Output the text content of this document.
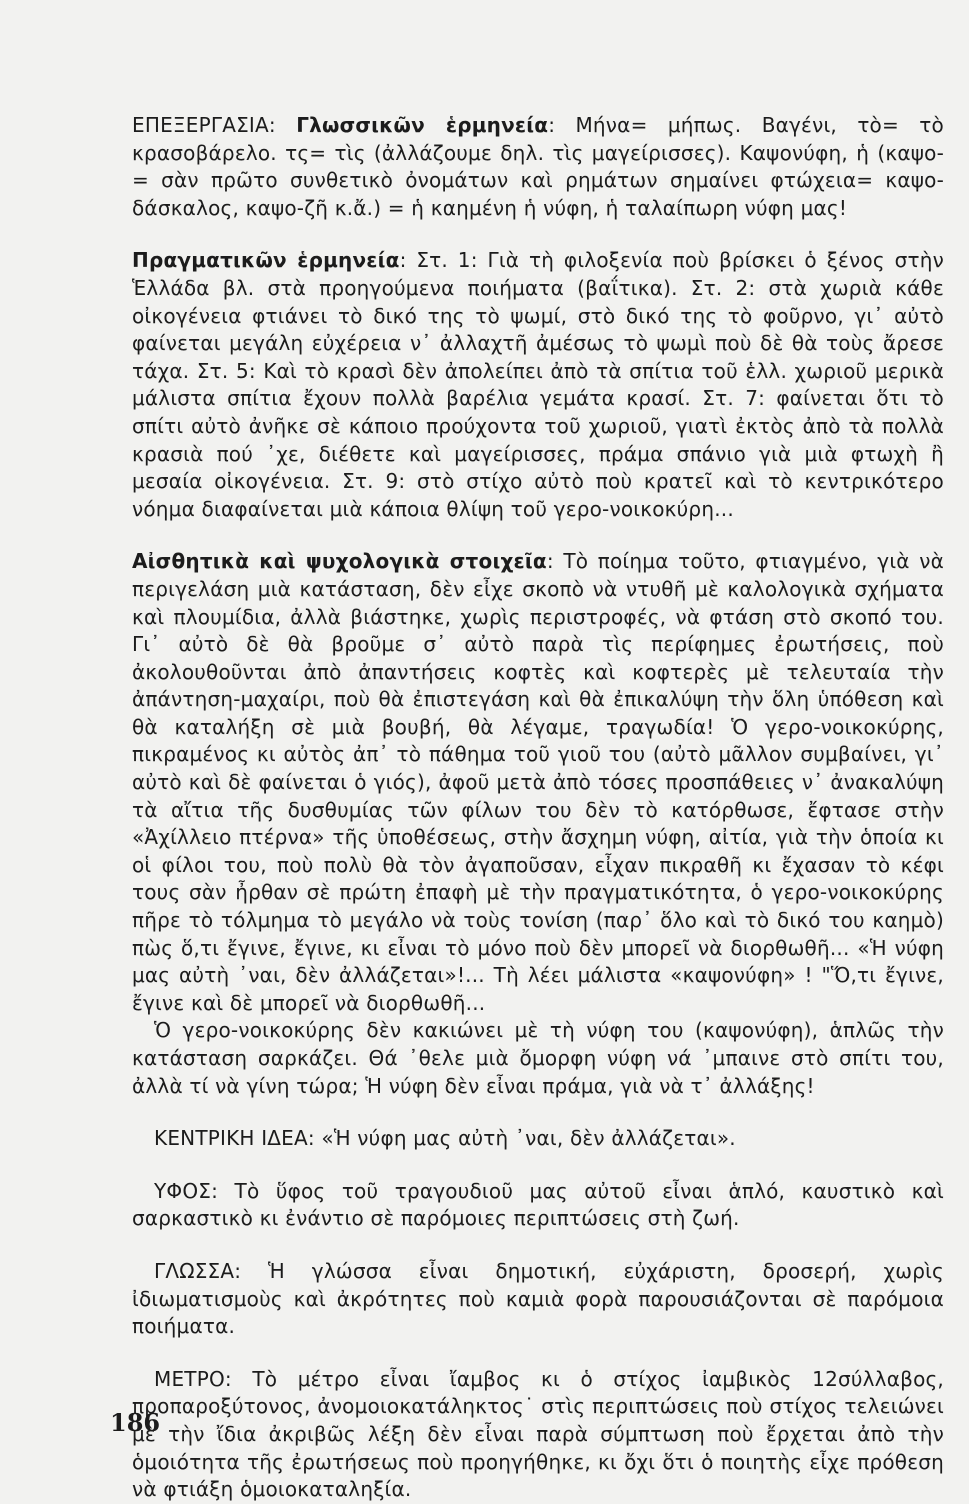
ΕΠΕΞΕΡΓΑΣΙΑ: Γλωσσικῶν ἑρμηνεία: Μήνα= μήπως. Βαγένι, τὸ= τὸ κρασοβάρελο. τς= τὶς (ἀλλάζουμε δηλ. τὶς μαγείρισσες). Καψονύφη, ἡ (καψο-= σὰν πρῶτο συνθετικὸ ὀνομάτων καὶ ρημάτων σημαίνει φτώχεια= καψο-δάσκαλος, καψο-ζῆ κ.ἄ.) = ἡ καημένη ἡ νύφη, ἡ ταλαίπωρη νύφη μας!

Πραγματικῶν ἑρμηνεία: Στ. 1: Γιὰ τὴ φιλοξενία ποὺ βρίσκει ὁ ξένος στὴν Ἑλλάδα βλ. στὰ προηγούμενα ποιήματα (βαΐτικα). Στ. 2: στὰ χωριὰ κάθε οἰκογένεια φτιάνει τὸ δικό της τὸ ψωμί, στὸ δικό της τὸ φοῦρνο, γι᾽ αὐτὸ φαίνεται μεγάλη εὐχέρεια ν᾽ ἀλλαχτῆ ἀμέσως τὸ ψωμὶ ποὺ δὲ θὰ τοὺς ἄρεσε τάχα. Στ. 5: Καὶ τὸ κρασὶ δὲν ἀπολείπει ἀπὸ τὰ σπίτια τοῦ ἑλλ. χωριοῦ μερικὰ μάλιστα σπίτια ἔχουν πολλὰ βαρέλια γεμάτα κρασί. Στ. 7: φαίνεται ὅτι τὸ σπίτι αὐτὸ ἀνῆκε σὲ κάποιο προύχοντα τοῦ χωριοῦ, γιατὶ ἐκτὸς ἀπὸ τὰ πολλὰ κρασιὰ πού ᾽χε, διέθετε καὶ μαγείρισσες, πράμα σπάνιο γιὰ μιὰ φτωχὴ ἢ μεσαία οἰκογένεια. Στ. 9: στὸ στίχο αὐτὸ ποὺ κρατεῖ καὶ τὸ κεντρικότερο νόημα διαφαίνεται μιὰ κάποια θλίψη τοῦ γερο-νοικοκύρη...

Αἰσθητικὰ καὶ ψυχολογικὰ στοιχεῖα: Τὸ ποίημα τοῦτο, φτιαγμένο, γιὰ νὰ περιγελάση μιὰ κατάσταση, δὲν εἶχε σκοπὸ νὰ ντυθῆ μὲ καλολογικὰ σχήματα καὶ πλουμίδια, ἀλλὰ βιάστηκε, χωρὶς περιστροφές, νὰ φτάση στὸ σκοπό του. Γι᾽ αὐτὸ δὲ θὰ βροῦμε σ᾽ αὐτὸ παρὰ τὶς περίφημες ἐρωτήσεις, ποὺ ἀκολουθοῦνται ἀπὸ ἀπαντήσεις κοφτὲς καὶ κοφτερὲς μὲ τελευταία τὴν ἀπάντηση-μαχαίρι, ποὺ θὰ ἐπιστεγάση καὶ θὰ ἐπικαλύψη τὴν ὅλη ὑπόθεση καὶ θὰ καταλήξη σὲ μιὰ βουβή, θὰ λέγαμε, τραγωδία! Ὁ γερο-νοικοκύρης, πικραμένος κι αὐτὸς ἀπ᾽ τὸ πάθημα τοῦ γιοῦ του (αὐτὸ μᾶλλον συμβαίνει, γι᾽ αὐτὸ καὶ δὲ φαίνεται ὁ γιός), ἀφοῦ μετὰ ἀπὸ τόσες προσπάθειες ν᾽ ἀνακαλύψη τὰ αἴτια τῆς δυσθυμίας τῶν φίλων του δὲν τὸ κατόρθωσε, ἔφτασε στὴν «Ἀχίλλειο πτέρνα» τῆς ὑποθέσεως, στὴν ἄσχημη νύφη, αἰτία, γιὰ τὴν ὁποία κι οἱ φίλοι του, ποὺ πολὺ θὰ τὸν ἀγαποῦσαν, εἶχαν πικραθῆ κι ἔχασαν τὸ κέφι τους σὰν ἦρθαν σὲ πρώτη ἐπαφὴ μὲ τὴν πραγματικότητα, ὁ γερο-νοικοκύρης πῆρε τὸ τόλμημα τὸ μεγάλο νὰ τοὺς τονίση (παρ᾽ ὅλο καὶ τὸ δικό του καημὸ) πὼς ὅ,τι ἔγινε, ἔγινε, κι εἶναι τὸ μόνο ποὺ δὲν μπορεῖ νὰ διορθωθῆ... «Ἡ νύφη μας αὐτὴ ᾽ναι, δὲν ἀλλάζεται»!... Τὴ λέει μάλιστα «καψονύφη» ! "Ὅ,τι ἔγινε, ἔγινε καὶ δὲ μπορεῖ νὰ διορθωθῆ...

Ὁ γερο-νοικοκύρης δὲν κακιώνει μὲ τὴ νύφη του (καψονύφη), ἁπλῶς τὴν κατάσταση σαρκάζει. Θά ᾽θελε μιὰ ὄμορφη νύφη νά ᾽μπαινε στὸ σπίτι του, ἀλλὰ τί νὰ γίνη τώρα; Ἡ νύφη δὲν εἶναι πράμα, γιὰ νὰ τ᾽ ἀλλάξης!

ΚΕΝΤΡΙΚΗ ΙΔΕΑ: «Ἡ νύφη μας αὐτὴ ᾽ναι, δὲν ἀλλάζεται».

ΥΦΟΣ: Τὸ ὕφος τοῦ τραγουδιοῦ μας αὐτοῦ εἶναι ἁπλό, καυστικὸ καὶ σαρκαστικὸ κι ἐνάντιο σὲ παρόμοιες περιπτώσεις στὴ ζωή.

ΓΛΩΣΣΑ: Ἡ γλώσσα εἶναι δημοτική, εὐχάριστη, δροσερή, χωρὶς ἰδιωματισμοὺς καὶ ἀκρότητες ποὺ καμιὰ φορὰ παρουσιάζονται σὲ παρόμοια ποιήματα.

ΜΕΤΡΟ: Τὸ μέτρο εἶναι ἴαμβος κι ὁ στίχος ἰαμβικὸς 12σύλλαβος, προπαροξύτονος, ἀνομοιοκατάληκτος˙ στὶς περιπτώσεις ποὺ στίχος τελειώνει μὲ τὴν ἴδια ἀκριβῶς λέξη δὲν εἶναι παρὰ σύμπτωση ποὺ ἔρχεται ἀπὸ τὴν ὁμοιότητα τῆς ἐρωτήσεως ποὺ προηγήθηκε, κι ὄχι ὅτι ὁ ποιητὴς εἶχε πρόθεση νὰ φτιάξη ὁμοιοκαταληξία.

186
